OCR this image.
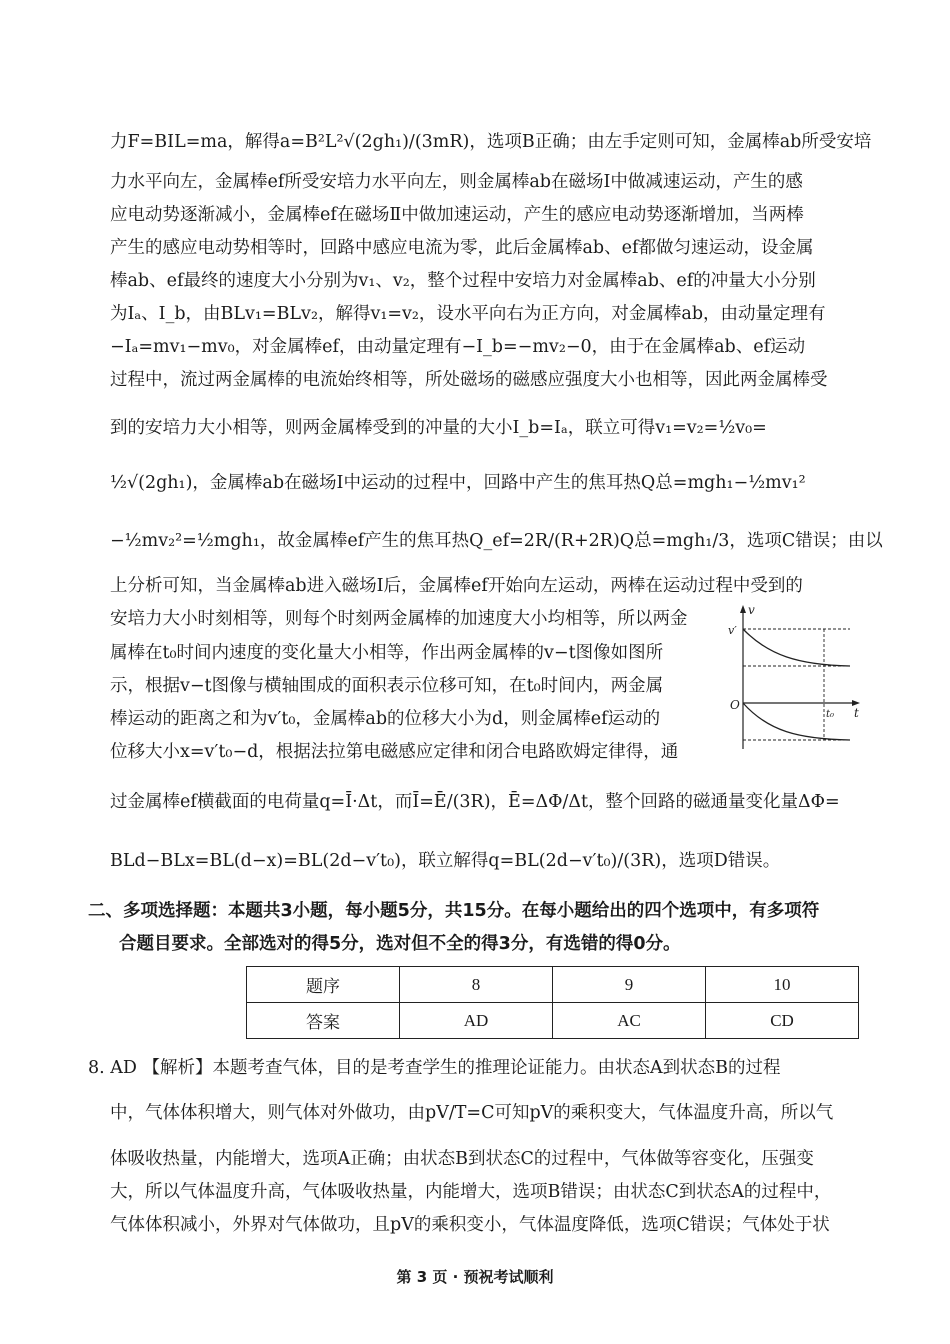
力F=BIL=ma，解得a=B²L²√(2gh₁)/(3mR)，选项B正确；由左手定则可知，金属棒ab所受安培
力水平向左，金属棒ef所受安培力水平向左，则金属棒ab在磁场Ⅰ中做减速运动，产生的感
应电动势逐渐减小，金属棒ef在磁场Ⅱ中做加速运动，产生的感应电动势逐渐增加，当两棒
产生的感应电动势相等时，回路中感应电流为零，此后金属棒ab、ef都做匀速运动，设金属
棒ab、ef最终的速度大小分别为v₁、v₂，整个过程中安培力对金属棒ab、ef的冲量大小分别
为Iₐ、I_b，由BLv₁=BLv₂，解得v₁=v₂，设水平向右为正方向，对金属棒ab，由动量定理有
−Iₐ=mv₁−mv₀，对金属棒ef，由动量定理有−I_b=−mv₂−0，由于在金属棒ab、ef运动
过程中，流过两金属棒的电流始终相等，所处磁场的磁感应强度大小也相等，因此两金属棒受
到的安培力大小相等，则两金属棒受到的冲量的大小I_b=Iₐ，联立可得v₁=v₂=½v₀=
½√(2gh₁)，金属棒ab在磁场Ⅰ中运动的过程中，回路中产生的焦耳热Q总=mgh₁−½mv₁²
−½mv₂²=½mgh₁，故金属棒ef产生的焦耳热Q_ef=2R/(R+2R)Q总=mgh₁/3，选项C错误；由以
上分析可知，当金属棒ab进入磁场Ⅰ后，金属棒ef开始向左运动，两棒在运动过程中受到的
安培力大小时刻相等，则每个时刻两金属棒的加速度大小均相等，所以两金
属棒在t₀时间内速度的变化量大小相等，作出两金属棒的v−t图像如图所
示，根据v−t图像与横轴围成的面积表示位移可知，在t₀时间内，两金属
棒运动的距离之和为v′t₀，金属棒ab的位移大小为d，则金属棒ef运动的
位移大小x=v′t₀−d，根据法拉第电磁感应定律和闭合电路欧姆定律得，通
过金属棒ef横截面的电荷量q=Ī·Δt，而Ī=Ē/(3R)，Ē=ΔΦ/Δt，整个回路的磁通量变化量ΔΦ=
BLd−BLx=BL(d−x)=BL(2d−v′t₀)，联立解得q=BL(2d−v′t₀)/(3R)，选项D错误。
v
v′
O
t₀ t
二、多项选择题：本题共3小题，每小题5分，共15分。在每小题给出的四个选项中，有多项符
合题目要求。全部选对的得5分，选对但不全的得3分，有选错的得0分。
题序	8	9	10
答案	AD	AC	CD
8. AD 【解析】本题考查气体，目的是考查学生的推理论证能力。由状态A到状态B的过程
中，气体体积增大，则气体对外做功，由pV/T=C可知pV的乘积变大，气体温度升高，所以气
体吸收热量，内能增大，选项A正确；由状态B到状态C的过程中，气体做等容变化，压强变
大，所以气体温度升高，气体吸收热量，内能增大，选项B错误；由状态C到状态A的过程中，
气体体积减小，外界对气体做功，且pV的乘积变小，气体温度降低，选项C错误；气体处于状
第 3 页 · 预祝考试顺利
